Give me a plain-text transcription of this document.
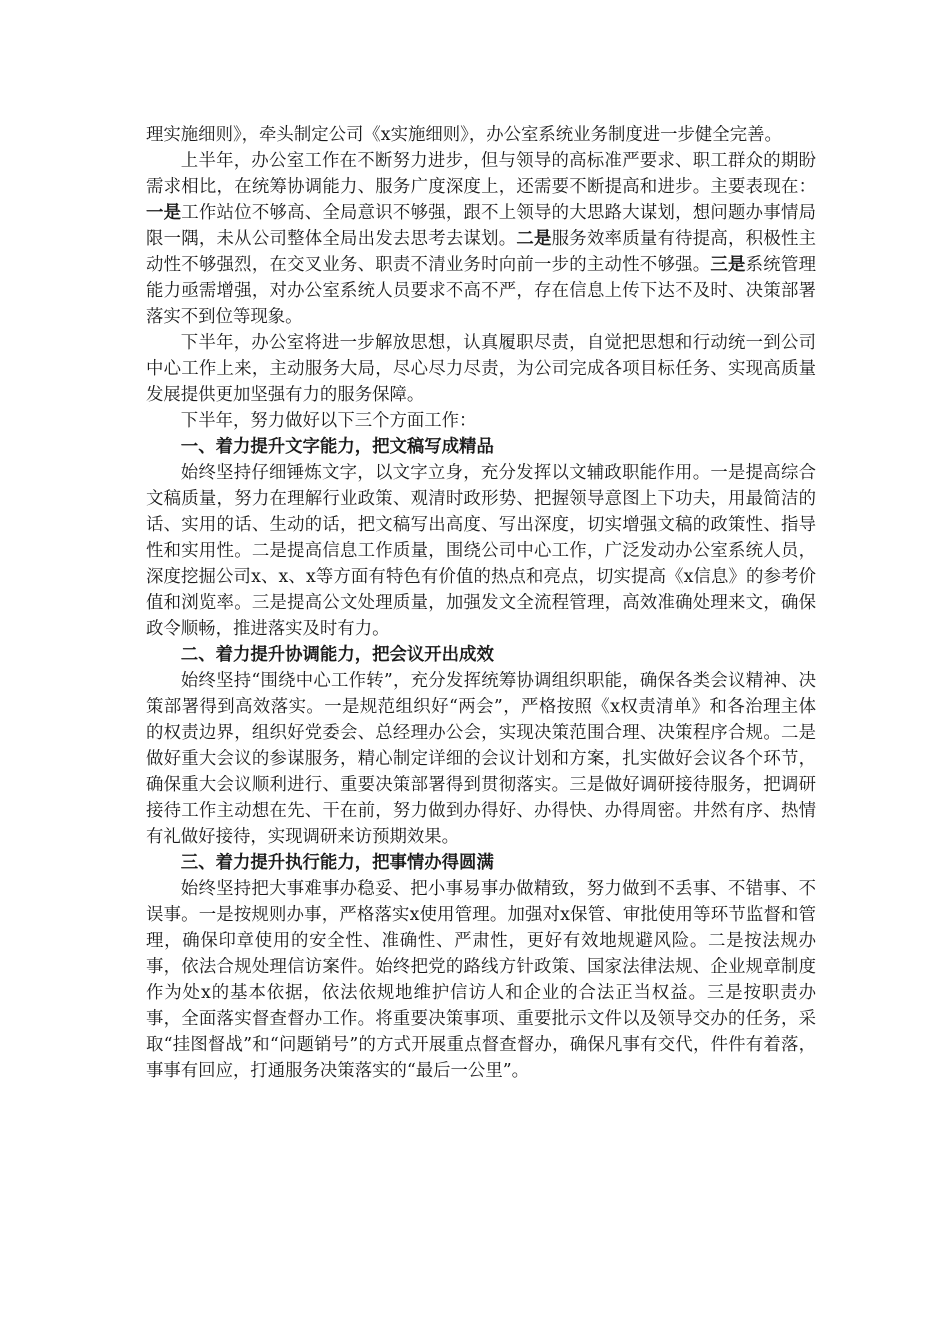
理实施细则》，牵头制定公司《x实施细则》，办公室系统业务制度进一步健全完善。

上半年，办公室工作在不断努力进步，但与领导的高标准严要求、职工群众的期盼需求相比，在统筹协调能力、服务广度深度上，还需要不断提高和进步。主要表现在：一是工作站位不够高、全局意识不够强，跟不上领导的大思路大谋划，想问题办事情局限一隅，未从公司整体全局出发去思考去谋划。二是服务效率质量有待提高，积极性主动性不够强烈，在交叉业务、职责不清业务时向前一步的主动性不够强。三是系统管理能力亟需增强，对办公室系统人员要求不高不严，存在信息上传下达不及时、决策部署落实不到位等现象。

下半年，办公室将进一步解放思想，认真履职尽责，自觉把思想和行动统一到公司中心工作上来，主动服务大局，尽心尽力尽责，为公司完成各项目标任务、实现高质量发展提供更加坚强有力的服务保障。

下半年，努力做好以下三个方面工作：

一、着力提升文字能力，把文稿写成精品

始终坚持仔细锤炼文字，以文字立身，充分发挥以文辅政职能作用。一是提高综合文稿质量，努力在理解行业政策、观清时政形势、把握领导意图上下功夫，用最简洁的话、实用的话、生动的话，把文稿写出高度、写出深度，切实增强文稿的政策性、指导性和实用性。二是提高信息工作质量，围绕公司中心工作，广泛发动办公室系统人员，深度挖掘公司x、x、x等方面有特色有价值的热点和亮点，切实提高《x信息》的参考价值和浏览率。三是提高公文处理质量，加强发文全流程管理，高效准确处理来文，确保政令顺畅，推进落实及时有力。

二、着力提升协调能力，把会议开出成效

始终坚持“围绕中心工作转”，充分发挥统筹协调组织职能，确保各类会议精神、决策部署得到高效落实。一是规范组织好“两会”，严格按照《x权责清单》和各治理主体的权责边界，组织好党委会、总经理办公会，实现决策范围合理、决策程序合规。二是做好重大会议的参谋服务，精心制定详细的会议计划和方案，扎实做好会议各个环节，确保重大会议顺利进行、重要决策部署得到贯彻落实。三是做好调研接待服务，把调研接待工作主动想在先、干在前，努力做到办得好、办得快、办得周密。井然有序、热情有礼做好接待，实现调研来访预期效果。

三、着力提升执行能力，把事情办得圆满

始终坚持把大事难事办稳妥、把小事易事办做精致，努力做到不丢事、不错事、不误事。一是按规则办事，严格落实x使用管理。加强对x保管、审批使用等环节监督和管理，确保印章使用的安全性、准确性、严肃性，更好有效地规避风险。二是按法规办事，依法合规处理信访案件。始终把党的路线方针政策、国家法律法规、企业规章制度作为处x的基本依据，依法依规地维护信访人和企业的合法正当权益。三是按职责办事，全面落实督查督办工作。将重要决策事项、重要批示文件以及领导交办的任务，采取“挂图督战”和“问题销号”的方式开展重点督查督办，确保凡事有交代，件件有着落，事事有回应，打通服务决策落实的“最后一公里”。
